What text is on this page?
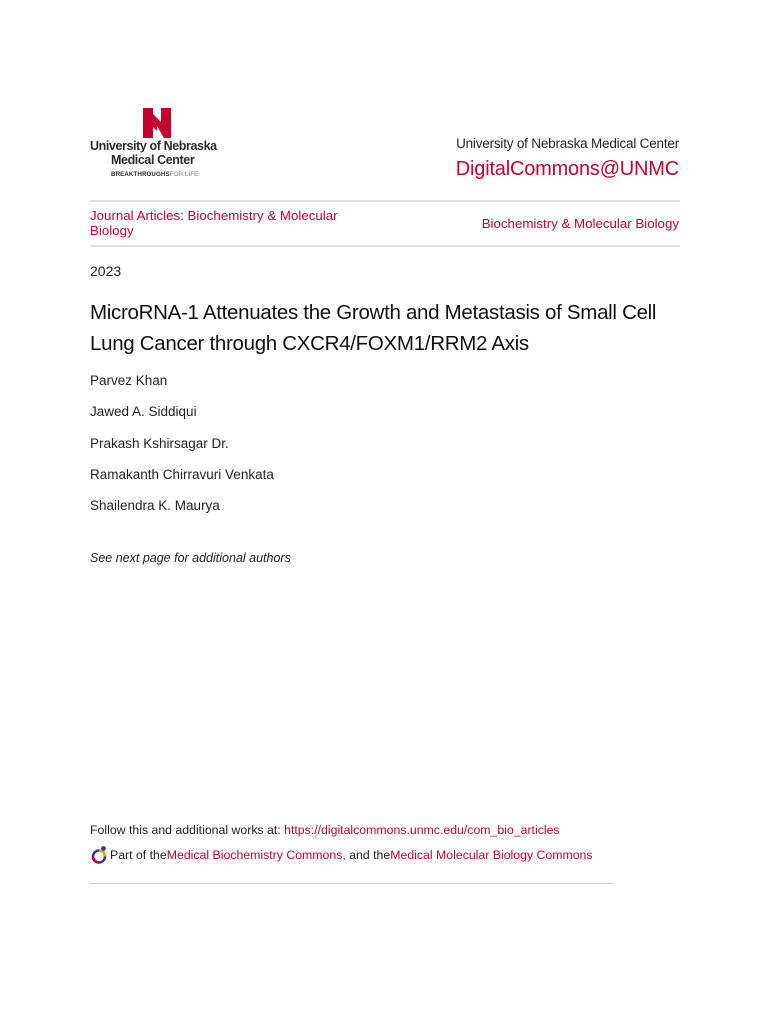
University of Nebraska
Medical Center
BREAKTHROUGHSFOR LIFE
University of Nebraska Medical Center
DigitalCommons@UNMC
Journal Articles: Biochemistry & Molecular Biology	Biochemistry & Molecular Biology
2023
MicroRNA-1 Attenuates the Growth and Metastasis of Small Cell Lung Cancer through CXCR4/FOXM1/RRM2 Axis
Parvez Khan
Jawed A. Siddiqui
Prakash Kshirsagar Dr.
Ramakanth Chirravuri Venkata
Shailendra K. Maurya
See next page for additional authors
Follow this and additional works at: https://digitalcommons.unmc.edu/com_bio_articles
Part of the Medical Biochemistry Commons , and the Medical Molecular Biology Commons
